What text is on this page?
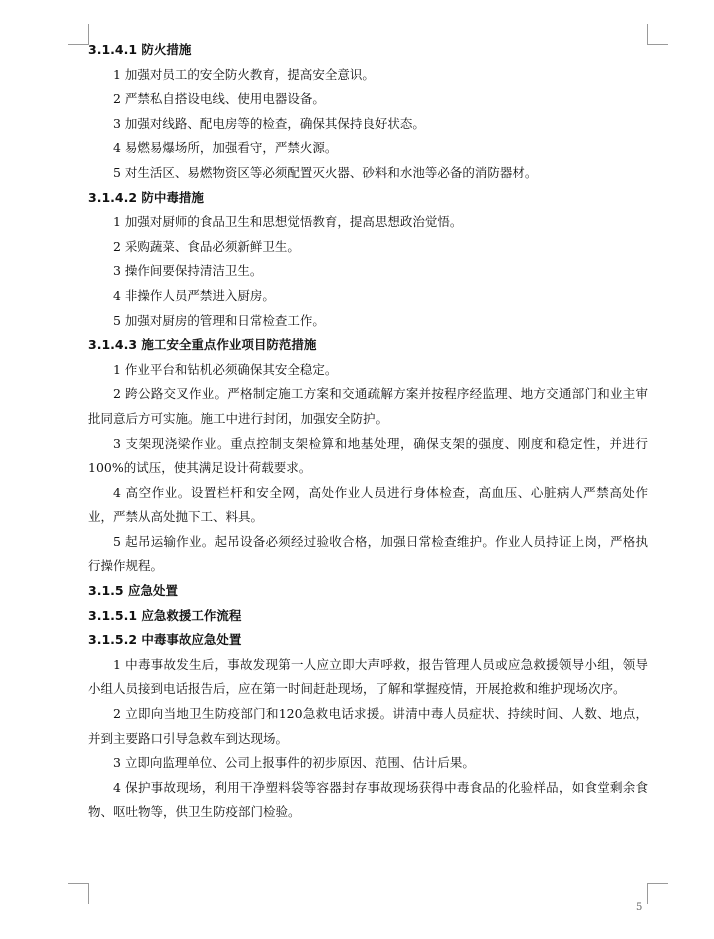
3.1.4.1 防火措施

1 加强对员工的安全防火教育，提高安全意识。

2 严禁私自搭设电线、使用电器设备。

3 加强对线路、配电房等的检查，确保其保持良好状态。

4 易燃易爆场所，加强看守，严禁火源。

5 对生活区、易燃物资区等必须配置灭火器、砂料和水池等必备的消防器材。

3.1.4.2 防中毒措施

1 加强对厨师的食品卫生和思想觉悟教育，提高思想政治觉悟。

2 采购蔬菜、食品必须新鲜卫生。

3 操作间要保持清洁卫生。

4 非操作人员严禁进入厨房。

5 加强对厨房的管理和日常检查工作。

3.1.4.3 施工安全重点作业项目防范措施

1 作业平台和钻机必须确保其安全稳定。

2 跨公路交叉作业。严格制定施工方案和交通疏解方案并按程序经监理、地方交通部门和业主审批同意后方可实施。施工中进行封闭，加强安全防护。

3 支架现浇梁作业。重点控制支架检算和地基处理，确保支架的强度、刚度和稳定性，并进行100%的试压，使其满足设计荷载要求。

4 高空作业。设置栏杆和安全网，高处作业人员进行身体检查，高血压、心脏病人严禁高处作业，严禁从高处抛下工、料具。

5 起吊运输作业。起吊设备必须经过验收合格，加强日常检查维护。作业人员持证上岗，严格执行操作规程。

3.1.5 应急处置

3.1.5.1 应急救援工作流程

3.1.5.2 中毒事故应急处置

1 中毒事故发生后，事故发现第一人应立即大声呼救，报告管理人员或应急救援领导小组，领导小组人员接到电话报告后，应在第一时间赶赴现场，了解和掌握疫情，开展抢救和维护现场次序。

2 立即向当地卫生防疫部门和120急救电话求援。讲清中毒人员症状、持续时间、人数、地点，并到主要路口引导急救车到达现场。

3 立即向监理单位、公司上报事件的初步原因、范围、估计后果。

4 保护事故现场，利用干净塑料袋等容器封存事故现场获得中毒食品的化验样品，如食堂剩余食物、呕吐物等，供卫生防疫部门检验。

5
